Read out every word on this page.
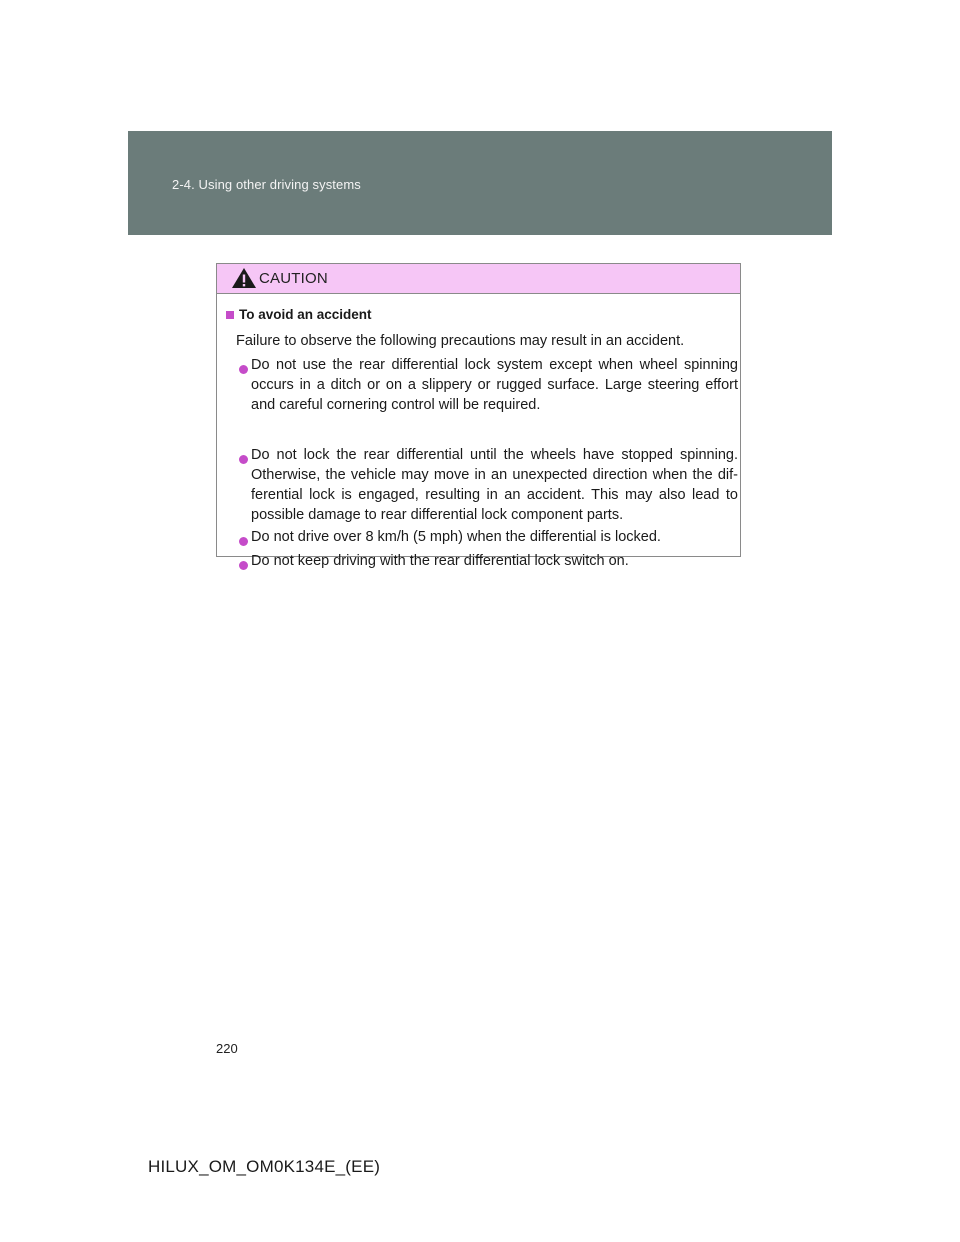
2-4. Using other driving systems
CAUTION
To avoid an accident
Failure to observe the following precautions may result in an accident.
Do not use the rear differential lock system except when wheel spinning occurs in a ditch or on a slippery or rugged surface. Large steering effort and careful cornering control will be required.
Do not lock the rear differential until the wheels have stopped spinning. Otherwise, the vehicle may move in an unexpected direction when the dif-ferential lock is engaged, resulting in an accident. This may also lead to possible damage to rear differential lock component parts.
Do not drive over 8 km/h (5 mph) when the differential is locked.
Do not keep driving with the rear differential lock switch on.
220
HILUX_OM_OM0K134E_(EE)
